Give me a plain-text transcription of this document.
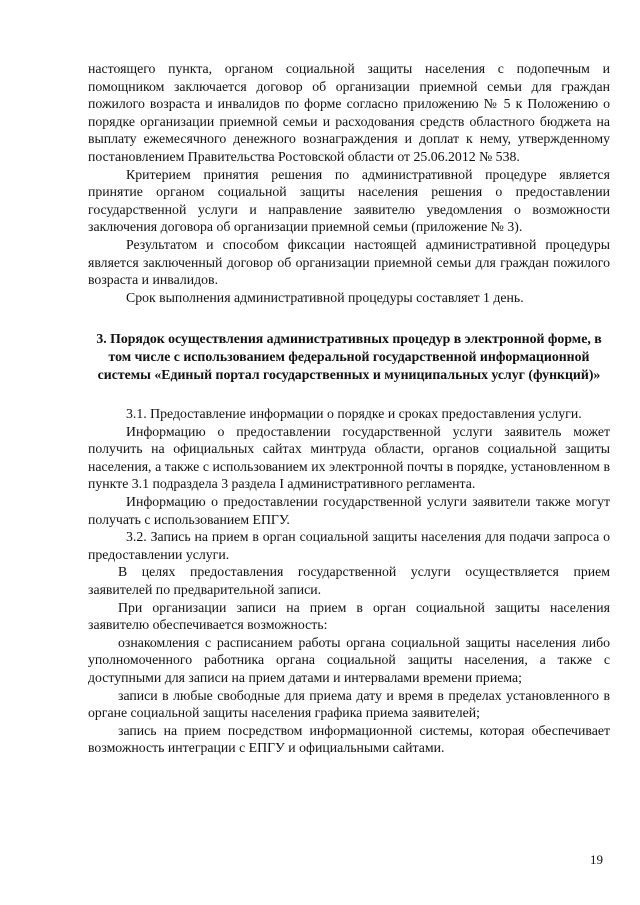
настоящего пункта, органом социальной защиты населения с подопечным и помощником заключается договор об организации приемной семьи для граждан пожилого возраста и инвалидов по форме согласно приложению № 5 к Положению о порядке организации приемной семьи и расходования средств областного бюджета на выплату ежемесячного денежного вознаграждения и доплат к нему, утвержденному постановлением Правительства Ростовской области от 25.06.2012 № 538.

Критерием принятия решения по административной процедуре является принятие органом социальной защиты населения решения о предоставлении государственной услуги и направление заявителю уведомления о возможности заключения договора об организации приемной семьи (приложение № 3).

Результатом и способом фиксации настоящей административной процедуры является заключенный договор об организации приемной семьи для граждан пожилого возраста и инвалидов.

Срок выполнения административной процедуры составляет 1 день.

3. Порядок осуществления административных процедур в электронной форме, в том числе с использованием федеральной государственной информационной системы «Единый портал государственных и муниципальных услуг (функций)»

3.1. Предоставление информации о порядке и сроках предоставления услуги.

Информацию о предоставлении государственной услуги заявитель может получить на официальных сайтах минтруда области, органов социальной защиты населения, а также с использованием их электронной почты в порядке, установленном в пункте 3.1 подраздела 3 раздела I административного регламента.

Информацию о предоставлении государственной услуги заявители также могут получать с использованием ЕПГУ.

3.2. Запись на прием в орган социальной защиты населения для подачи запроса о предоставлении услуги.

В целях предоставления государственной услуги осуществляется прием заявителей по предварительной записи.

При организации записи на прием в орган социальной защиты населения заявителю обеспечивается возможность:

ознакомления с расписанием работы органа социальной защиты населения либо уполномоченного работника органа социальной защиты населения, а также с доступными для записи на прием датами и интервалами времени приема;

записи в любые свободные для приема дату и время в пределах установленного в органе социальной защиты населения графика приема заявителей;

запись на прием посредством информационной системы, которая обеспечивает возможность интеграции с ЕПГУ и официальными сайтами.

19
